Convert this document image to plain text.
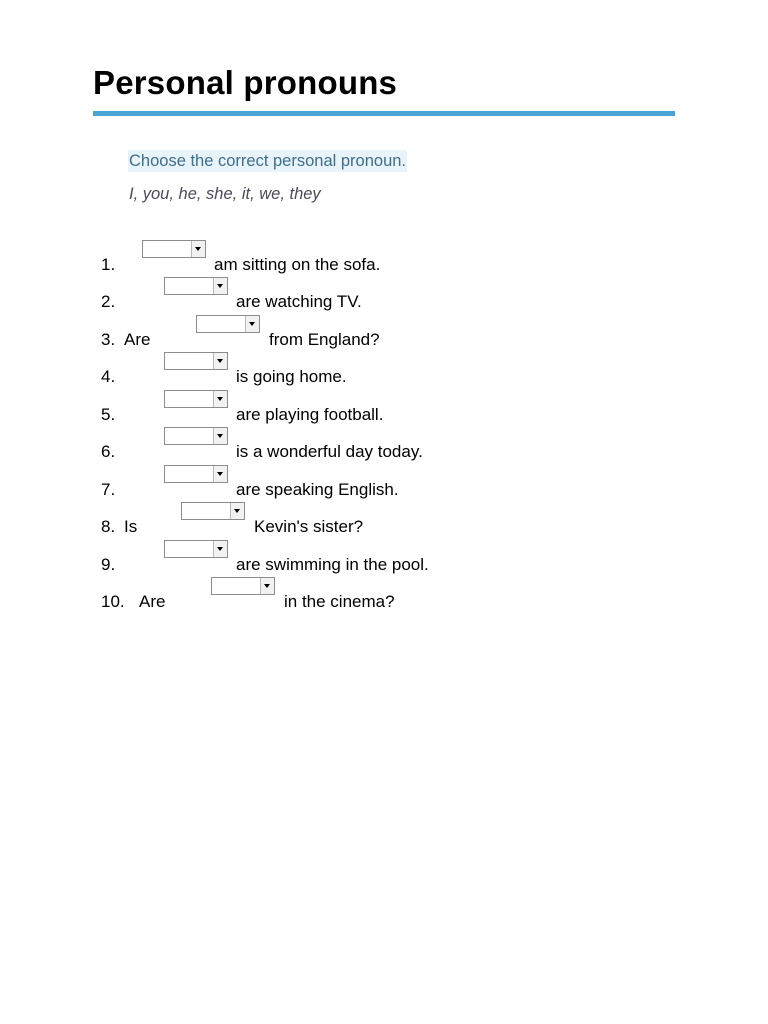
Personal pronouns
Choose the correct personal pronoun.
I, you, he, she, it, we, they
1.	am sitting on the sofa.
2.	are watching TV.
3. Are	from England?
4.	is going home.
5.	are playing football.
6.	is a wonderful day today.
7.	are speaking English.
8. Is	Kevin's sister?
9.	are swimming in the pool.
10. Are	in the cinema?
